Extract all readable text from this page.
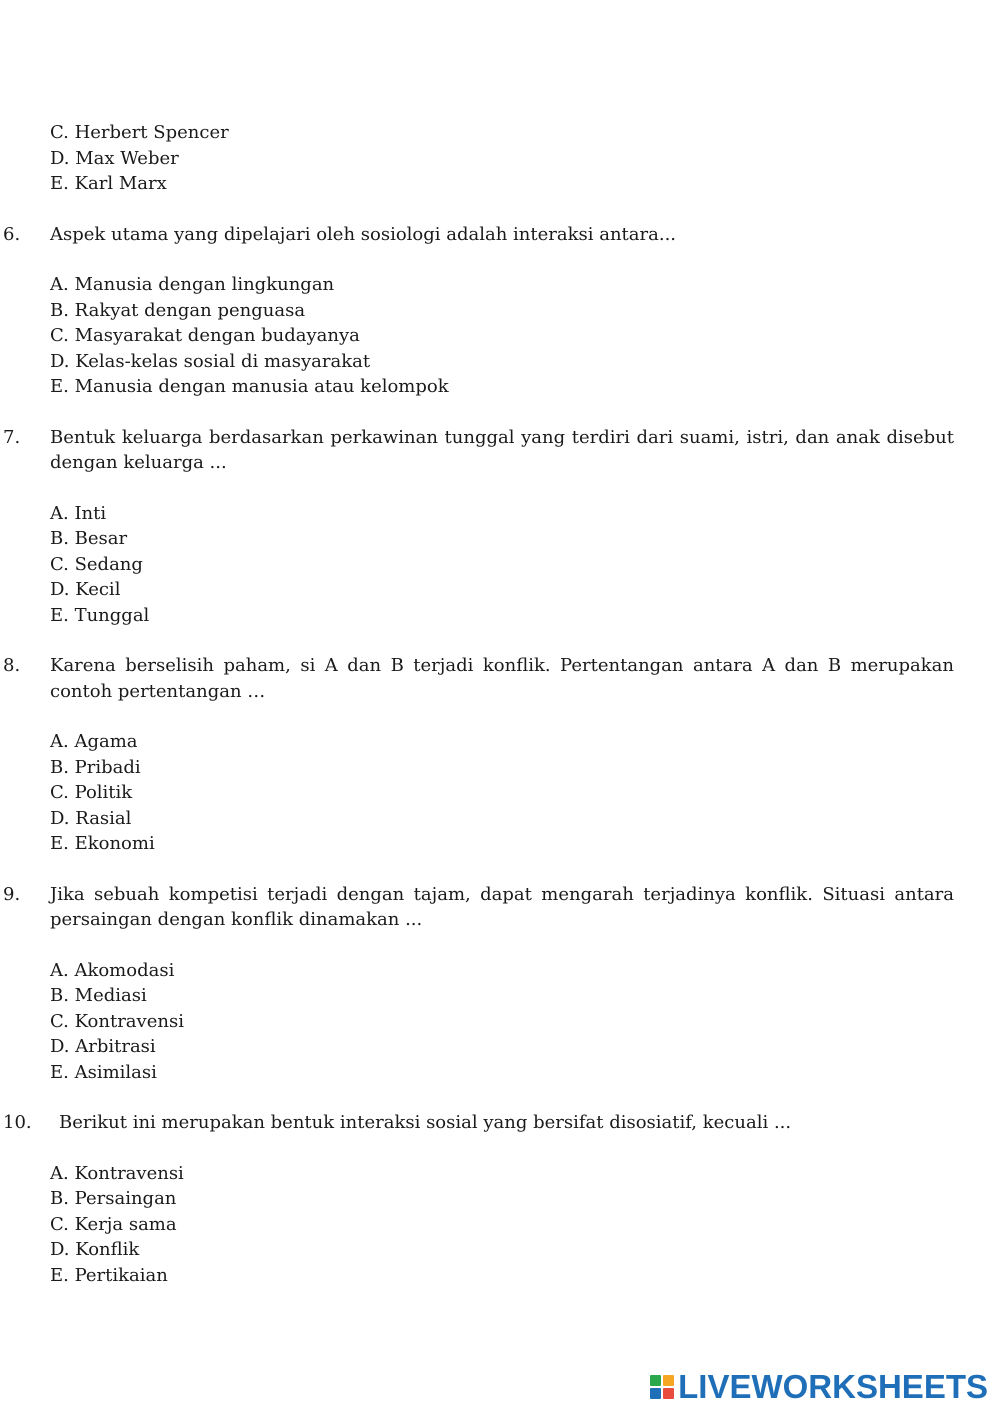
C. Herbert Spencer
D. Max Weber
E. Karl Marx
6. Aspek utama yang dipelajari oleh sosiologi adalah interaksi antara...
A. Manusia dengan lingkungan
B. Rakyat dengan penguasa
C. Masyarakat dengan budayanya
D. Kelas-kelas sosial di masyarakat
E. Manusia dengan manusia atau kelompok
7. Bentuk keluarga berdasarkan perkawinan tunggal yang terdiri dari suami, istri, dan anak disebut dengan keluarga ...
A. Inti
B. Besar
C. Sedang
D. Kecil
E. Tunggal
8. Karena berselisih paham, si A dan B terjadi konflik. Pertentangan antara A dan B merupakan contoh pertentangan …
A. Agama
B. Pribadi
C. Politik
D. Rasial
E. Ekonomi
9. Jika sebuah kompetisi terjadi dengan tajam, dapat mengarah terjadinya konflik. Situasi antara persaingan dengan konflik dinamakan ...
A. Akomodasi
B. Mediasi
C. Kontravensi
D. Arbitrasi
E. Asimilasi
10. Berikut ini merupakan bentuk interaksi sosial yang bersifat disosiatif, kecuali ...
A. Kontravensi
B. Persaingan
C. Kerja sama
D. Konflik
E. Pertikaian
LIVEWORKSHEETS
